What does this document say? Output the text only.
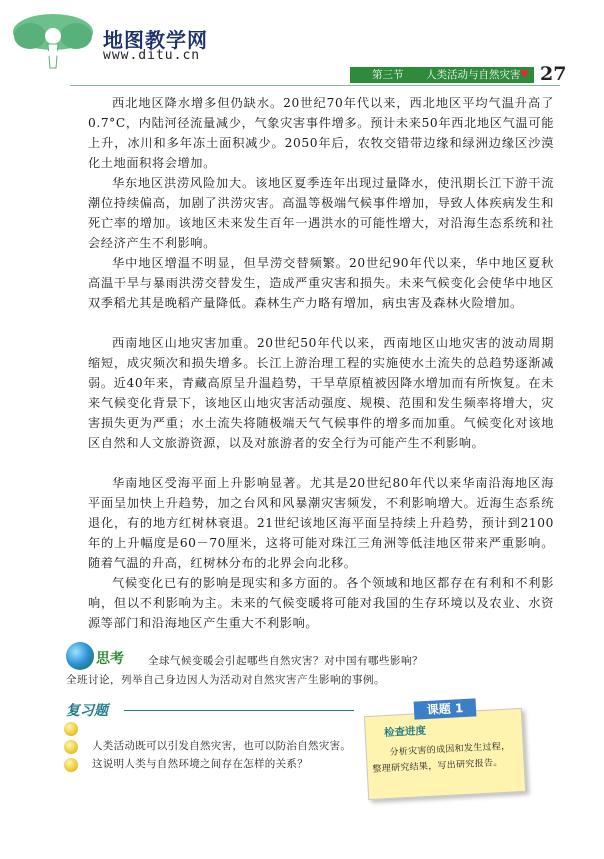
地图教学网
www.ditu.cn
第三节 人类活动与自然灾害 ♥ 27

西北地区降水增多但仍缺水。20世纪70年代以来，西北地区平均气温升高了0.7°C，内陆河径流量减少，气象灾害事件增多。预计未来50年西北地区气温可能上升，冰川和多年冻土面积减少。2050年后，农牧交错带边缘和绿洲边缘区沙漠化土地面积将会增加。

华东地区洪涝风险加大。该地区夏季连年出现过量降水，使汛期长江下游干流潮位持续偏高，加剧了洪涝灾害。高温等极端气候事件增加，导致人体疾病发生和死亡率的增加。该地区未来发生百年一遇洪水的可能性增大，对沿海生态系统和社会经济产生不利影响。

华中地区增温不明显，但旱涝交替频繁。20世纪90年代以来，华中地区夏秋高温干旱与暴雨洪涝交替发生，造成严重灾害和损失。未来气候变化会使华中地区双季稻尤其是晚稻产量降低。森林生产力略有增加，病虫害及森林火险增加。

西南地区山地灾害加重。20世纪50年代以来，西南地区山地灾害的波动周期缩短，成灾频次和损失增多。长江上游治理工程的实施使水土流失的总趋势逐渐减弱。近40年来，青藏高原呈升温趋势，干旱草原植被因降水增加而有所恢复。在未来气候变化背景下，该地区山地灾害活动强度、规模、范围和发生频率将增大，灾害损失更为严重；水土流失将随极端天气气候事件的增多而加重。气候变化对该地区自然和人文旅游资源，以及对旅游者的安全行为可能产生不利影响。

华南地区受海平面上升影响显著。尤其是20世纪80年代以来华南沿海地区海平面呈加快上升趋势，加之台风和风暴潮灾害频发，不利影响增大。近海生态系统退化，有的地方红树林衰退。21世纪该地区海平面呈持续上升趋势，预计到2100年的上升幅度是60－70厘米，这将可能对珠江三角洲等低洼地区带来严重影响。随着气温的升高，红树林分布的北界会向北移。

气候变化已有的影响是现实和多方面的。各个领域和地区都存在有利和不利影响，但以不利影响为主。未来的气候变暖将可能对我国的生存环境以及农业、水资源等部门和沿海地区产生重大不利影响。

思考 全球气候变暖会引起哪些自然灾害？对中国有哪些影响？
全班讨论，列举自己身边因人为活动对自然灾害产生影响的事例。
复习题
人类活动既可以引发自然灾害，也可以防治自然灾害。
这说明人类与自然环境之间存在怎样的关系？
课题 1
检查进度
分析灾害的成因和发生过程，整理研究结果，写出研究报告。
